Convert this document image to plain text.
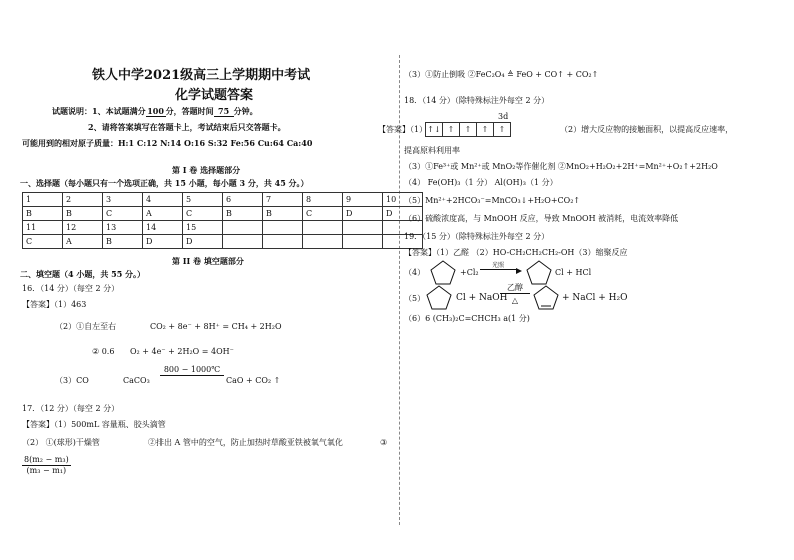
铁人中学2021级高三上学期期中考试
化学试题答案
试题说明：1、本试题满分 100 分，答题时间 75 分钟。
2、请将答案填写在答题卡上，考试结束后只交答题卡。
可能用到的相对原子质量：H:1 C:12 N:14 O:16 S:32 Fe:56 Cu:64 Ca:40
第 I 卷 选择题部分
一、选择题（每小题只有一个选项正确，共 15 小题，每小题 3 分，共 45 分。）
1	2	3	4	5	6	7	8	9	10
B	B	C	A	C	B	B	C	D	D
11	12	13	14	15					
C	A	B	D	D					
第 II 卷 填空题部分
二、填空题（4 小题，共 55 分。）
16．（14 分）（每空 2 分）
【答案】（1）463
（2）①自左至右	CO₂ + 8e⁻ + 8H⁺ = CH₄ + 2H₂O
② 0.6 O₂ + 4e⁻ + 2H₂O = 4OH⁻
（3）CO	CaCO₃
800 − 1000℃
CaO + CO₂ ↑
17．（12 分）（每空 2 分）
【答案】（1）500mL 容量瓶、胶头滴管
（2） ①(球形)干燥管	②排出 A 管中的空气，防止加热时草酸亚铁被氧气氧化	③
$\frac{\text{8(m₂ − m₃)}}{\text{(m₃ − m₁)}}$
（3）①防止倒吸 ②FeC₂O₄ ≜ FeO + CO↑ + CO₂↑
18．（14 分）（除特殊标注外每空 2 分）
3d
【答案】（1） ↑↓	↑	↑	↑	↑	（2）增大反应物的接触面积，以提高反应速率，
提高原料利用率
（3）①Fe³⁺或 Mn²⁺或 MnO₂等作催化剂 ②MnO₂+H₂O₂+2H⁺=Mn²⁺+O₂↑+2H₂O
（4） Fe(OH)₃（1 分） Al(OH)₃（1 分）
（5）Mn²⁺+2HCO₃⁻=MnCO₃↓+H₂O+CO₂↑
（6）硫酸浓度高，与 MnOOH 反应，导致 MnOOH 被消耗，电流效率降低
19．（15 分）（除特殊标注外每空 2 分）
【答案】（1）乙醛 （2）HO-CH₂CH₂CH₂-OH（3）缩聚反应
（4）	+Cl₂
光照
Cl + HCl
（5）	Cl + NaOH
乙醇
△	+ NaCl + H₂O
（6）6 (CH₃)₂C=CHCH₃ a(1 分)
